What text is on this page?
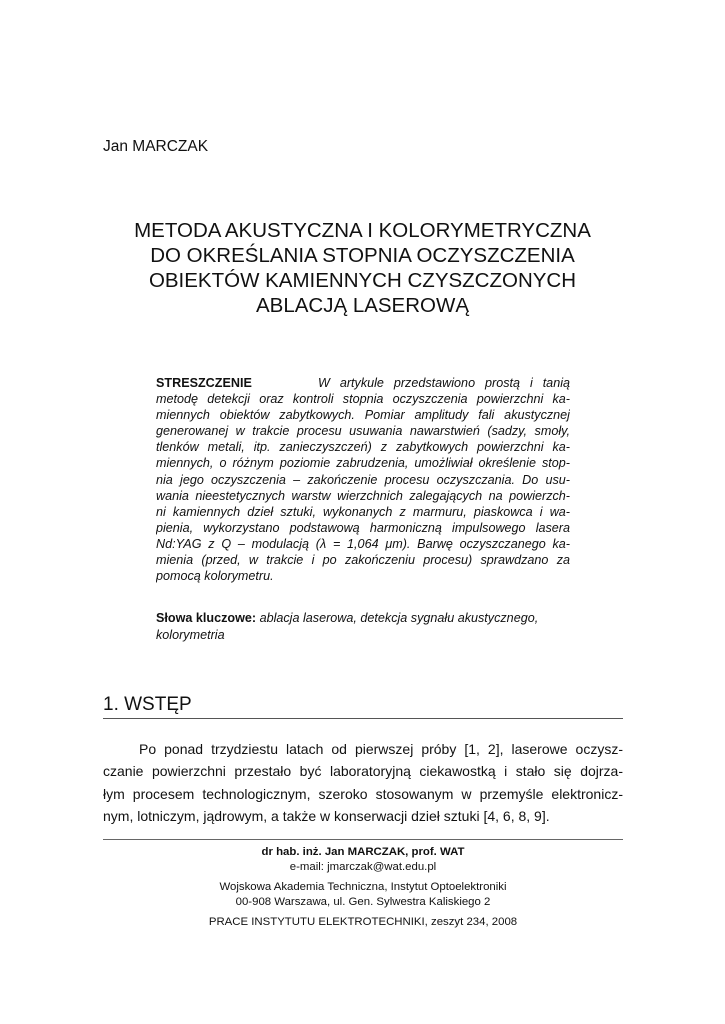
Jan MARCZAK
METODA AKUSTYCZNA I KOLORYMETRYCZNA
DO OKREŚLANIA STOPNIA OCZYSZCZENIA
OBIEKTÓW KAMIENNYCH CZYSZCZONYCH
ABLACJĄ LASEROWĄ
STRESZCZENIE	W artykule przedstawiono prostą i tanią
metodę detekcji oraz kontroli stopnia oczyszczenia powierzchni ka-
miennych obiektów zabytkowych. Pomiar amplitudy fali akustycznej
generowanej w trakcie procesu usuwania nawarstwień (sadzy, smoły,
tlenków metali, itp. zanieczyszczeń) z zabytkowych powierzchni ka-
miennych, o różnym poziomie zabrudzenia, umożliwiał określenie stop-
nia jego oczyszczenia – zakończenie procesu oczyszczania. Do usu-
wania nieestetycznych warstw wierzchnich zalegających na powierzch-
ni kamiennych dzieł sztuki, wykonanych z marmuru, piaskowca i wa-
pienia, wykorzystano podstawową harmoniczną impulsowego lasera
Nd:YAG z Q – modulacją (λ = 1,064 μm). Barwę oczyszczanego ka-
mienia (przed, w trakcie i po zakończeniu procesu) sprawdzano za
pomocą kolorymetru.
Słowa kluczowe: ablacja laserowa, detekcja sygnału akustycznego,
kolorymetria
1. WSTĘP
Po ponad trzydziestu latach od pierwszej próby [1, 2], laserowe oczysz-
czanie powierzchni przestało być laboratoryjną ciekawostką i stało się dojrza-
łym procesem technologicznym, szeroko stosowanym w przemyśle elektronicz-
nym, lotniczym, jądrowym, a także w konserwacji dzieł sztuki [4, 6, 8, 9].
dr hab. inż. Jan MARCZAK, prof. WAT
e-mail: jmarczak@wat.edu.pl
Wojskowa Akademia Techniczna, Instytut Optoelektroniki
00-908 Warszawa, ul. Gen. Sylwestra Kaliskiego 2
PRACE INSTYTUTU ELEKTROTECHNIKI, zeszyt 234, 2008
